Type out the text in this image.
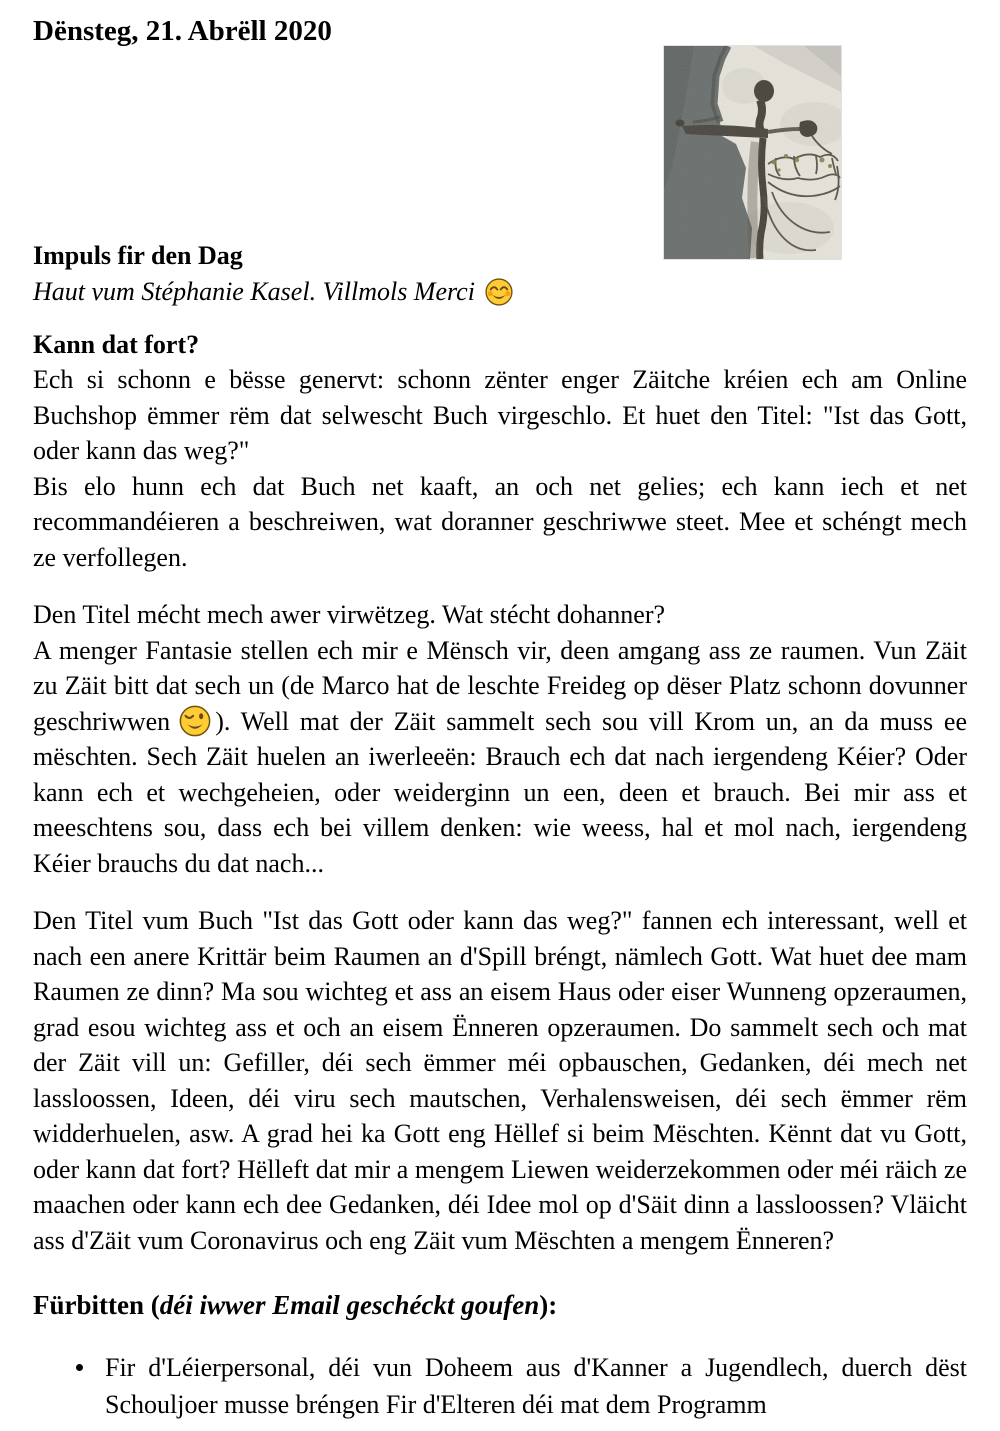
Dënsteg, 21. Abrëll 2020

Impuls fir den Dag

Haut vum Stéphanie Kasel. Villmols Merci

Kann dat fort?

Ech si schonn e bësse genervt: schonn zënter enger Zäitche kréien ech am Online Buchshop ëmmer rëm dat selwescht Buch virgeschlo. Et huet den Titel: "Ist das Gott, oder kann das weg?"

Bis elo hunn ech dat Buch net kaaft, an och net gelies; ech kann iech et net recommandéieren a beschreiwen, wat doranner geschriwwe steet. Mee et schéngt mech ze verfollegen.

Den Titel mécht mech awer virwëtzeg. Wat stécht dohanner?

A menger Fantasie stellen ech mir e Mënsch vir, deen amgang ass ze raumen. Vun Zäit zu Zäit bitt dat sech un (de Marco hat de leschte Freideg op dëser Platz schonn dovunner geschriwwen ). Well mat der Zäit sammelt sech sou vill Krom un, an da muss ee mëschten. Sech Zäit huelen an iwerleeën: Brauch ech dat nach iergendeng Kéier? Oder kann ech et wechgeheien, oder weiderginn un een, deen et brauch. Bei mir ass et meeschtens sou, dass ech bei villem denken: wie weess, hal et mol nach, iergendeng Kéier brauchs du dat nach...

Den Titel vum Buch "Ist das Gott oder kann das weg?" fannen ech interessant, well et nach een anere Krittär beim Raumen an d'Spill bréngt, nämlech Gott. Wat huet dee mam Raumen ze dinn? Ma sou wichteg et ass an eisem Haus oder eiser Wunneng opzeraumen, grad esou wichteg ass et och an eisem Ënneren opzeraumen. Do sammelt sech och mat der Zäit vill un: Gefiller, déi sech ëmmer méi opbauschen, Gedanken, déi mech net lassloossen, Ideen, déi viru sech mautschen, Verhalensweisen, déi sech ëmmer rëm widderhuelen, asw. A grad hei ka Gott eng Hëllef si beim Mëschten. Kënnt dat vu Gott, oder kann dat fort? Hëlleft dat mir a mengem Liewen weiderzekommen oder méi räich ze maachen oder kann ech dee Gedanken, déi Idee mol op d'Säit dinn a lassloossen? Vläicht ass d'Zäit vum Coronavirus och eng Zäit vum Mëschten a mengem Ënneren?

Fürbitten (déi iwwer Email geschéckt goufen):
Fir d'Léierpersonal, déi vun Doheem aus d'Kanner a Jugendlech, duerch dëst Schouljoer musse bréngen Fir d'Elteren déi mat dem Programm
